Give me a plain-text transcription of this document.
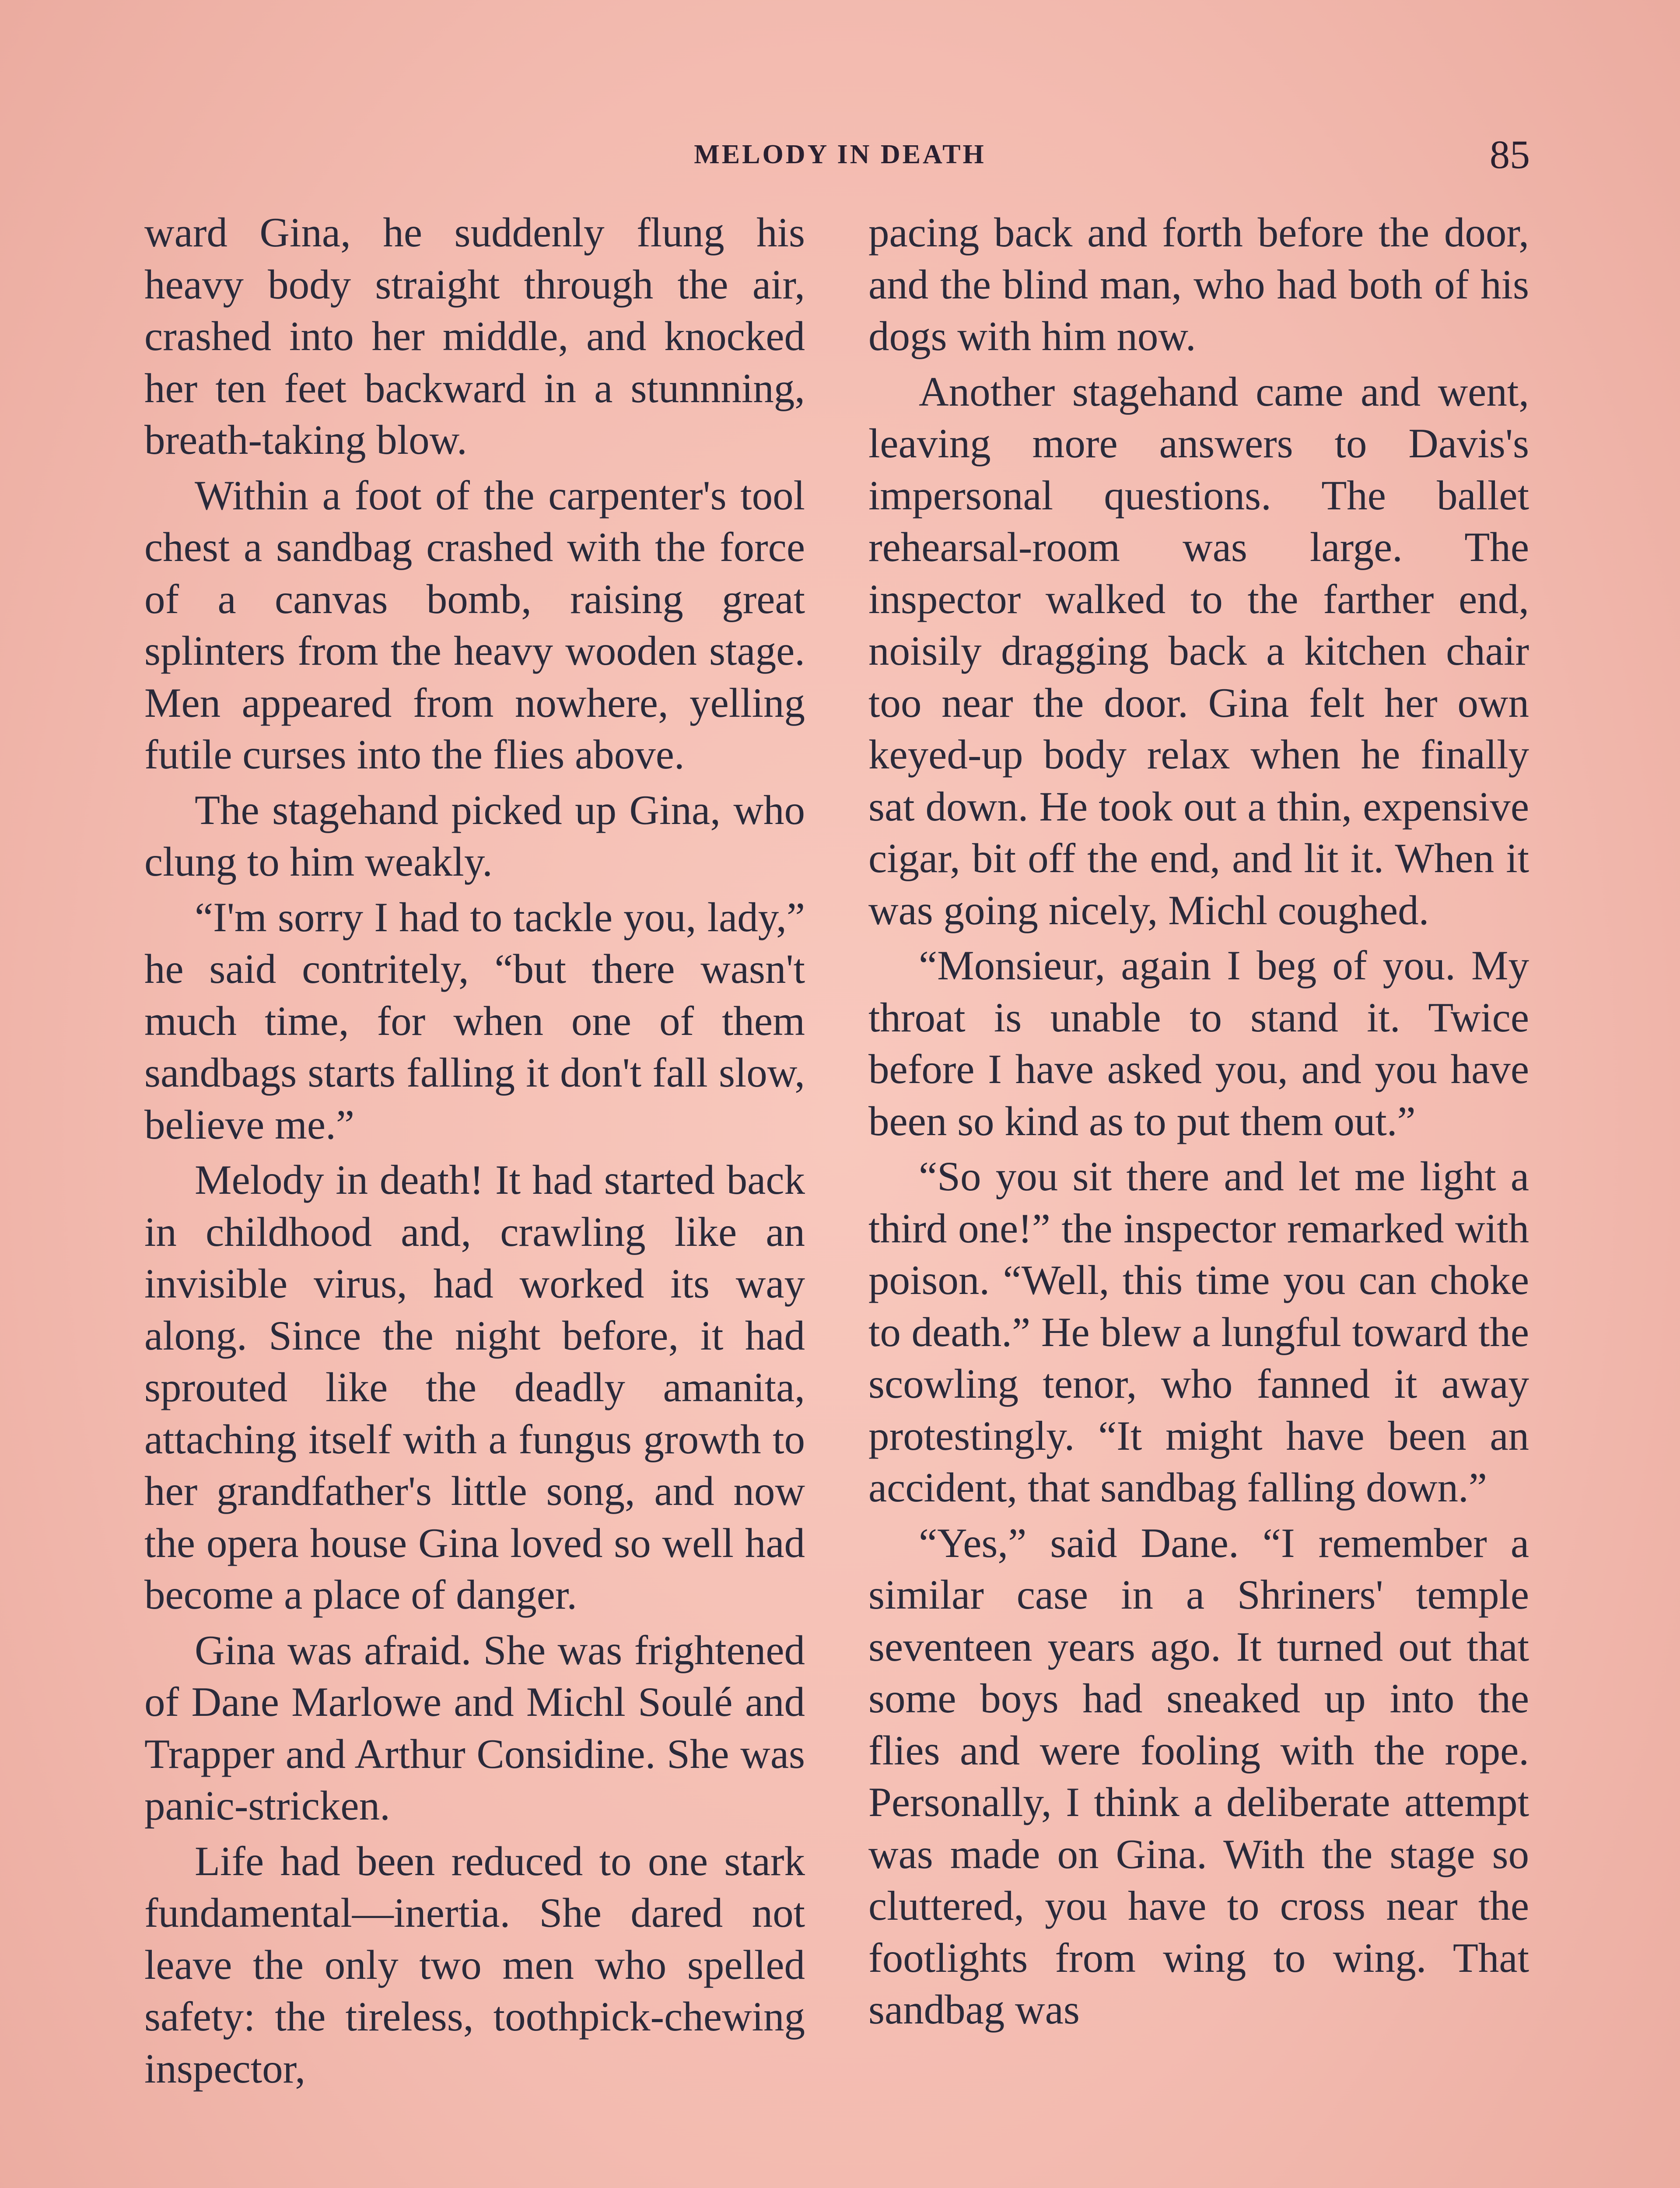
MELODY IN DEATH	85

ward Gina, he suddenly flung his heavy body straight through the air, crashed into her middle, and knocked her ten feet backward in a stunnning, breath-taking blow.

Within a foot of the carpenter's tool chest a sandbag crashed with the force of a canvas bomb, raising great splinters from the heavy wooden stage. Men appeared from nowhere, yelling futile curses into the flies above.

The stagehand picked up Gina, who clung to him weakly.

“I'm sorry I had to tackle you, lady,” he said contritely, “but there wasn't much time, for when one of them sandbags starts falling it don't fall slow, believe me.”

Melody in death! It had started back in childhood and, crawling like an invisible virus, had worked its way along. Since the night before, it had sprouted like the deadly amanita, attaching itself with a fungus growth to her grandfather's little song, and now the opera house Gina loved so well had become a place of danger.

Gina was afraid. She was frightened of Dane Marlowe and Michl Soulé and Trapper and Arthur Considine. She was panic-stricken.

Life had been reduced to one stark fundamental—inertia. She dared not leave the only two men who spelled safety: the tireless, toothpick-chewing inspector,

pacing back and forth before the door, and the blind man, who had both of his dogs with him now.

Another stagehand came and went, leaving more answers to Davis's impersonal questions. The ballet rehearsal-room was large. The inspector walked to the farther end, noisily dragging back a kitchen chair too near the door. Gina felt her own keyed-up body relax when he finally sat down. He took out a thin, expensive cigar, bit off the end, and lit it. When it was going nicely, Michl coughed.

“Monsieur, again I beg of you. My throat is unable to stand it. Twice before I have asked you, and you have been so kind as to put them out.”

“So you sit there and let me light a third one!” the inspector remarked with poison. “Well, this time you can choke to death.” He blew a lungful toward the scowling tenor, who fanned it away protestingly. “It might have been an accident, that sandbag falling down.”

“Yes,” said Dane. “I remember a similar case in a Shriners' temple seventeen years ago. It turned out that some boys had sneaked up into the flies and were fooling with the rope. Personally, I think a deliberate attempt was made on Gina. With the stage so cluttered, you have to cross near the footlights from wing to wing. That sandbag was
